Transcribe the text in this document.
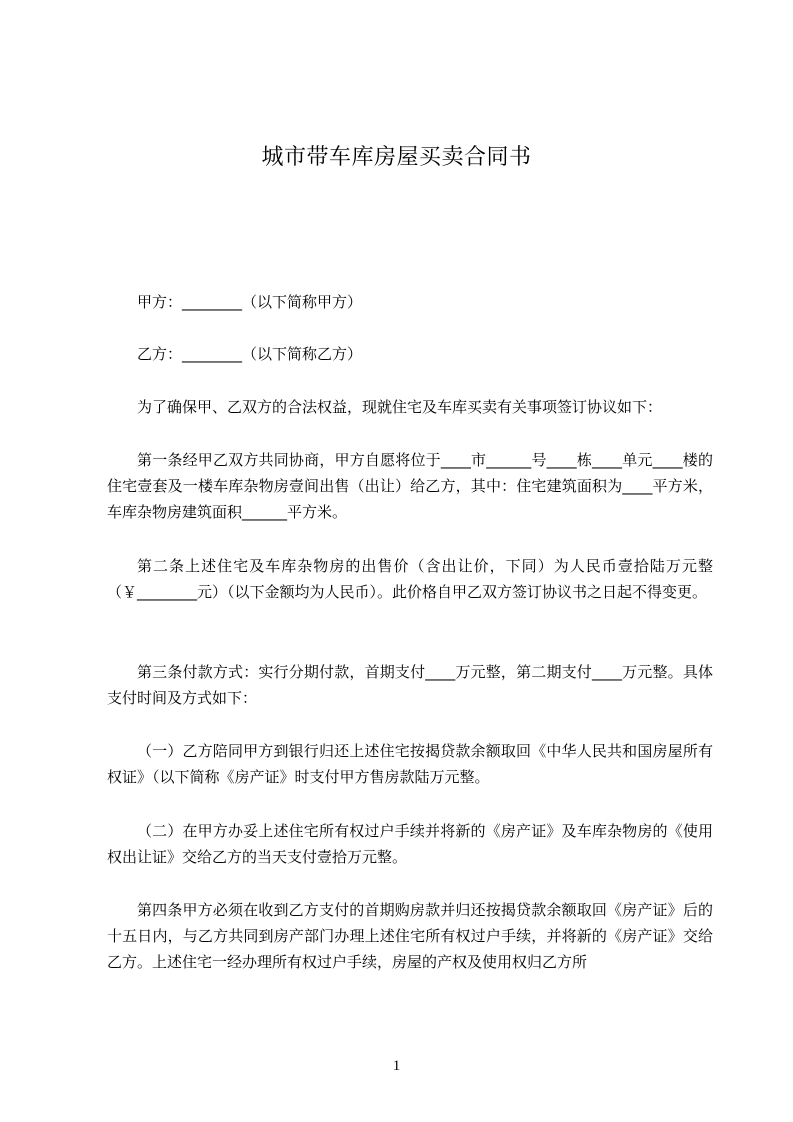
城市带车库房屋买卖合同书
甲方：________（以下简称甲方）
乙方：________（以下简称乙方）
为了确保甲、乙双方的合法权益，现就住宅及车库买卖有关事项签订协议如下：
第一条经甲乙双方共同协商，甲方自愿将位于____市______号____栋____单元____楼的住宅壹套及一楼车库杂物房壹间出售（出让）给乙方，其中：住宅建筑面积为____平方米，车库杂物房建筑面积______平方米。
第二条上述住宅及车库杂物房的出售价（含出让价，下同）为人民币壹拾陆万元整（￥________元）（以下金额均为人民币）。此价格自甲乙双方签订协议书之日起不得变更。
第三条付款方式：实行分期付款，首期支付____万元整，第二期支付____万元整。具体支付时间及方式如下：
（一）乙方陪同甲方到银行归还上述住宅按揭贷款余额取回《中华人民共和国房屋所有权证》（以下简称《房产证》时支付甲方售房款陆万元整。
（二）在甲方办妥上述住宅所有权过户手续并将新的《房产证》及车库杂物房的《使用权出让证》交给乙方的当天支付壹拾万元整。
第四条甲方必须在收到乙方支付的首期购房款并归还按揭贷款余额取回《房产证》后的十五日内，与乙方共同到房产部门办理上述住宅所有权过户手续，并将新的《房产证》交给乙方。上述住宅一经办理所有权过户手续，房屋的产权及使用权归乙方所
1
